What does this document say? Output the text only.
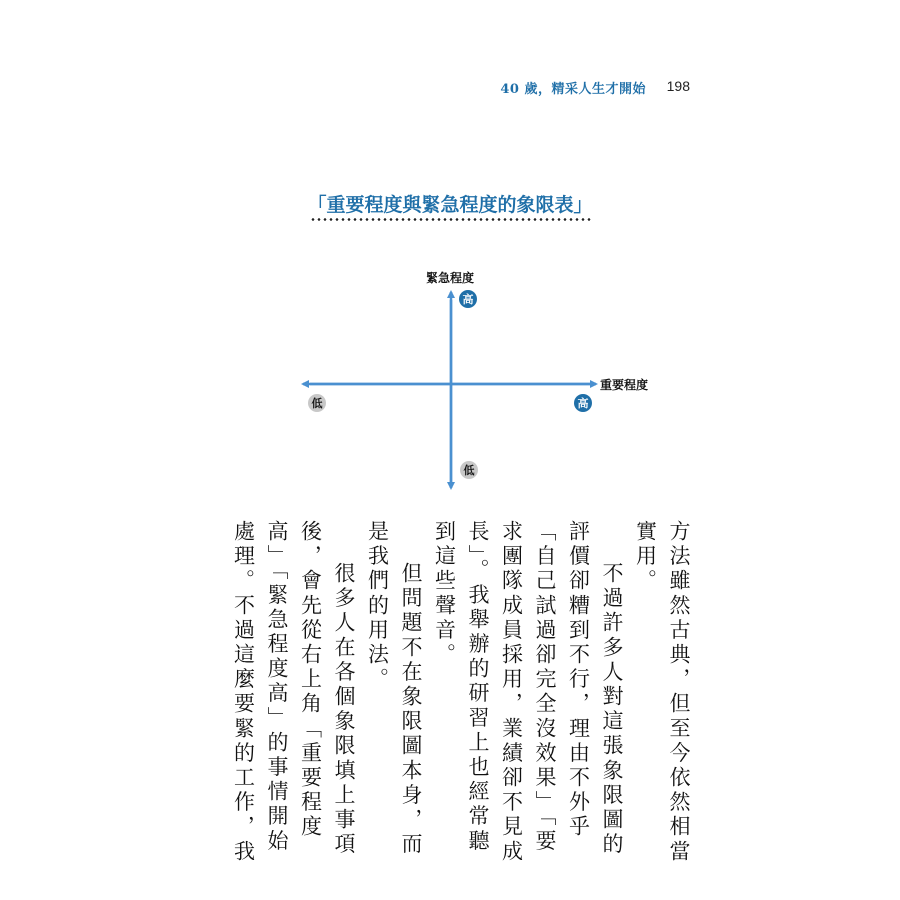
40 歲，精采人生才開始 198
「重要程度與緊急程度的象限表」
緊急程度
重要程度
高
低
高
低

方法雖然古典，但至今依然相當實用。

不過許多人對這張象限圖的評價卻糟到不行，理由不外乎「自己試過卻完全沒效果」「要求團隊成員採用，業績卻不見成長」。我舉辦的研習上也經常聽到這些聲音。

但問題不在象限圖本身，而是我們的用法。

很多人在各個象限填上事項後，會先從右上角「重要程度高」「緊急程度高」的事情開始處理。不過這麼要緊的工作，我
